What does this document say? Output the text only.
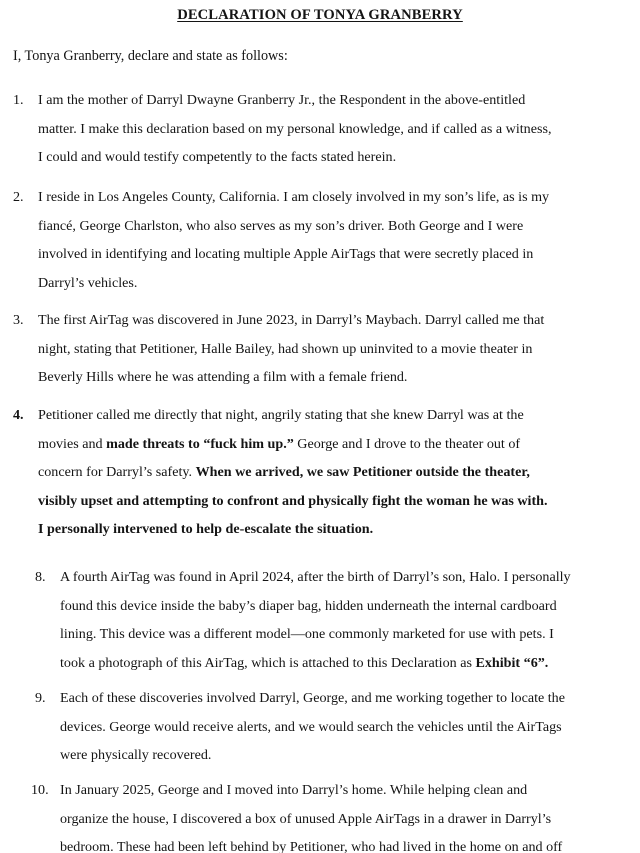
DECLARATION OF TONYA GRANBERRY
I, Tonya Granberry, declare and state as follows:
1. I am the mother of Darryl Dwayne Granberry Jr., the Respondent in the above-entitled
matter. I make this declaration based on my personal knowledge, and if called as a witness,
I could and would testify competently to the facts stated herein.
2. I reside in Los Angeles County, California. I am closely involved in my son’s life, as is my
fiancé, George Charlston, who also serves as my son’s driver. Both George and I were
involved in identifying and locating multiple Apple AirTags that were secretly placed in
Darryl’s vehicles.
3. The first AirTag was discovered in June 2023, in Darryl’s Maybach. Darryl called me that
night, stating that Petitioner, Halle Bailey, had shown up uninvited to a movie theater in
Beverly Hills where he was attending a film with a female friend.
4. Petitioner called me directly that night, angrily stating that she knew Darryl was at the
movies and made threats to “fuck him up.” George and I drove to the theater out of
concern for Darryl’s safety. When we arrived, we saw Petitioner outside the theater,
visibly upset and attempting to confront and physically fight the woman he was with.
I personally intervened to help de-escalate the situation.
8. A fourth AirTag was found in April 2024, after the birth of Darryl’s son, Halo. I personally
found this device inside the baby’s diaper bag, hidden underneath the internal cardboard
lining. This device was a different model—one commonly marketed for use with pets. I
took a photograph of this AirTag, which is attached to this Declaration as Exhibit “6”.
9. Each of these discoveries involved Darryl, George, and me working together to locate the
devices. George would receive alerts, and we would search the vehicles until the AirTags
were physically recovered.
10. In January 2025, George and I moved into Darryl’s home. While helping clean and
organize the house, I discovered a box of unused Apple AirTags in a drawer in Darryl’s
bedroom. These had been left behind by Petitioner, who had lived in the home on and off
